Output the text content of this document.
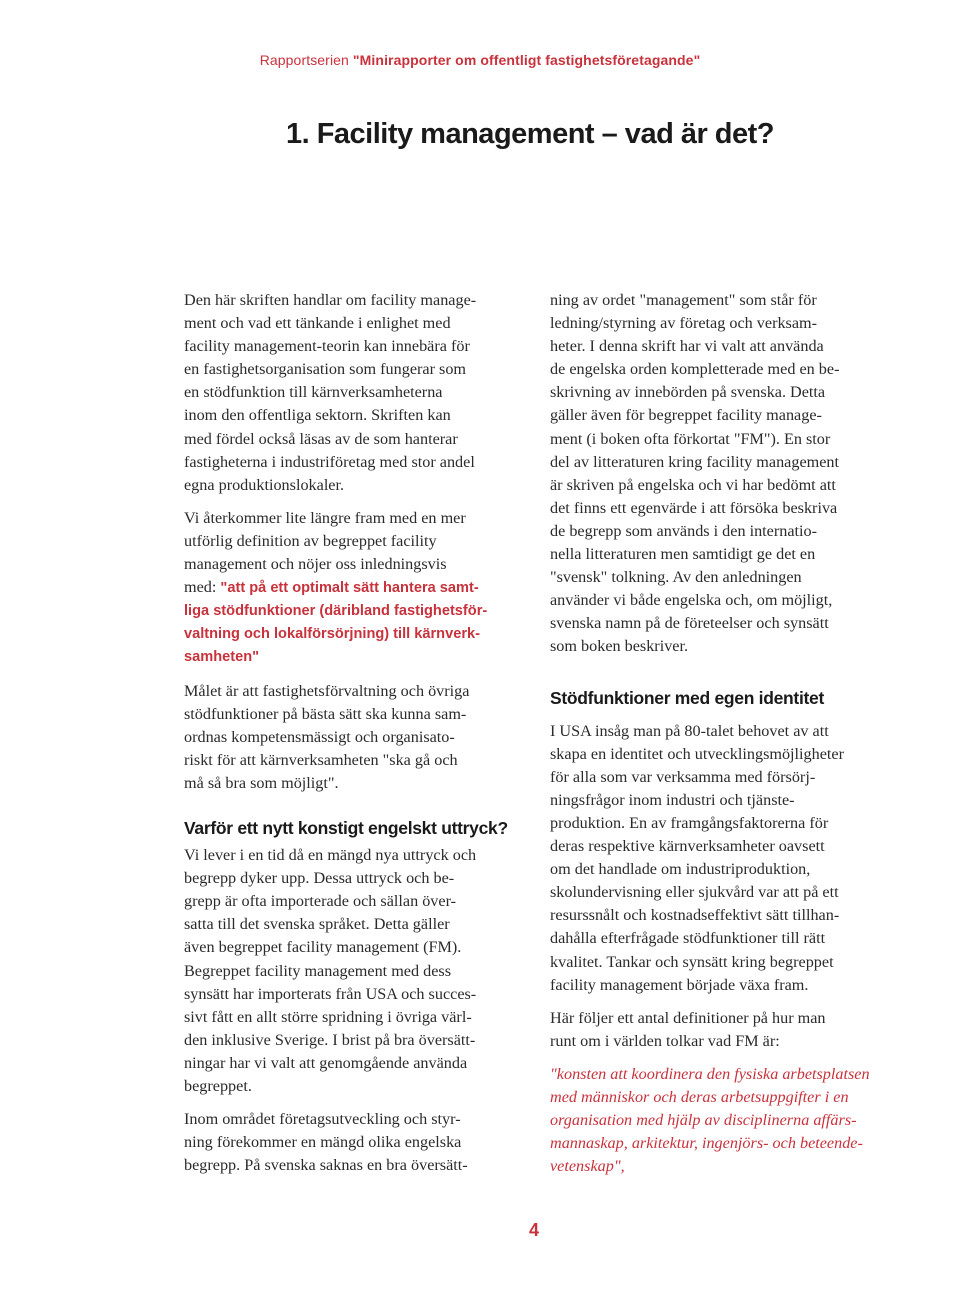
Rapportserien "Minirapporter om offentligt fastighetsföretagande"
1. Facility management – vad är det?

Den här skriften handlar om facility manage-
ment och vad ett tänkande i enlighet med
facility management-teorin kan innebära för
en fastighetsorganisation som fungerar som
en stödfunktion till kärnverksamheterna
inom den offentliga sektorn. Skriften kan
med fördel också läsas av de som hanterar
fastigheterna i industriföretag med stor andel
egna produktionslokaler.

Vi återkommer lite längre fram med en mer
utförlig definition av begreppet facility
management och nöjer oss inledningsvis
med: "att på ett optimalt sätt hantera samt-
liga stödfunktioner (däribland fastighetsför-
valtning och lokalförsörjning) till kärnverk-
samheten"

Målet är att fastighetsförvaltning och övriga
stödfunktioner på bästa sätt ska kunna sam-
ordnas kompetensmässigt och organisato-
riskt för att kärnverksamheten "ska gå och
må så bra som möjligt".

Varför ett nytt konstigt engelskt uttryck?

Vi lever i en tid då en mängd nya uttryck och
begrepp dyker upp. Dessa uttryck och be-
grepp är ofta importerade och sällan över-
satta till det svenska språket. Detta gäller
även begreppet facility management (FM).
Begreppet facility management med dess
synsätt har importerats från USA och succes-
sivt fått en allt större spridning i övriga värl-
den inklusive Sverige. I brist på bra översätt-
ningar har vi valt att genomgående använda
begreppet.

Inom området företagsutveckling och styr-
ning förekommer en mängd olika engelska
begrepp. På svenska saknas en bra översätt-

ning av ordet "management" som står för
ledning/styrning av företag och verksam-
heter. I denna skrift har vi valt att använda
de engelska orden kompletterade med en be-
skrivning av innebörden på svenska. Detta
gäller även för begreppet facility manage-
ment (i boken ofta förkortat "FM"). En stor
del av litteraturen kring facility management
är skriven på engelska och vi har bedömt att
det finns ett egenvärde i att försöka beskriva
de begrepp som används i den internatio-
nella litteraturen men samtidigt ge det en
"svensk" tolkning. Av den anledningen
använder vi både engelska och, om möjligt,
svenska namn på de företeelser och synsätt
som boken beskriver.

Stödfunktioner med egen identitet

I USA insåg man på 80-talet behovet av att
skapa en identitet och utvecklingsmöjligheter
för alla som var verksamma med försörj-
ningsfrågor inom industri och tjänste-
produktion. En av framgångsfaktorerna för
deras respektive kärnverksamheter oavsett
om det handlade om industriproduktion,
skolundervisning eller sjukvård var att på ett
resurssnålt och kostnadseffektivt sätt tillhan-
dahålla efterfrågade stödfunktioner till rätt
kvalitet. Tankar och synsätt kring begreppet
facility management började växa fram.

Här följer ett antal definitioner på hur man
runt om i världen tolkar vad FM är:

"konsten att koordinera den fysiska arbetsplatsen
med människor och deras arbetsuppgifter i en
organisation med hjälp av disciplinerna affärs-
mannaskap, arkitektur, ingenjörs- och beteende-
vetenskap",

4
